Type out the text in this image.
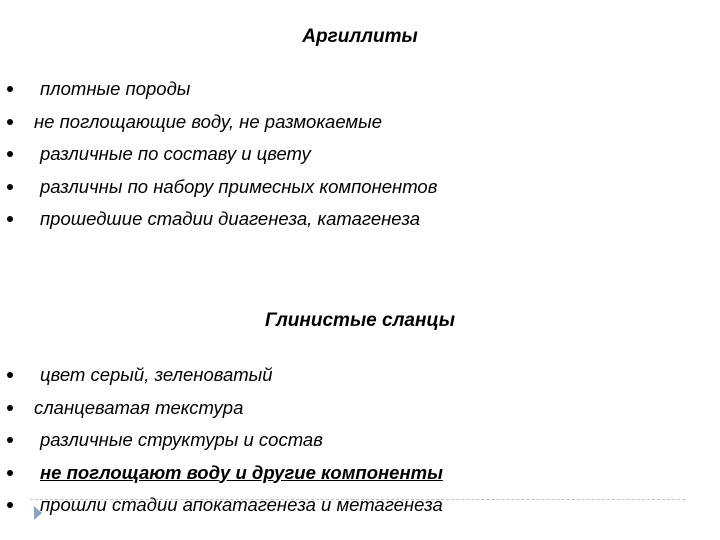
Аргиллиты
плотные породы
не поглощающие воду, не размокаемые
различные по составу и цвету
различны по набору примесных компонентов
прошедшие стадии диагенеза, катагенеза
Глинистые сланцы
цвет серый, зеленоватый
сланцеватая текстура
различные структуры и состав
не поглощают воду и другие компоненты
прошли стадии апокатагенеза и метагенеза
